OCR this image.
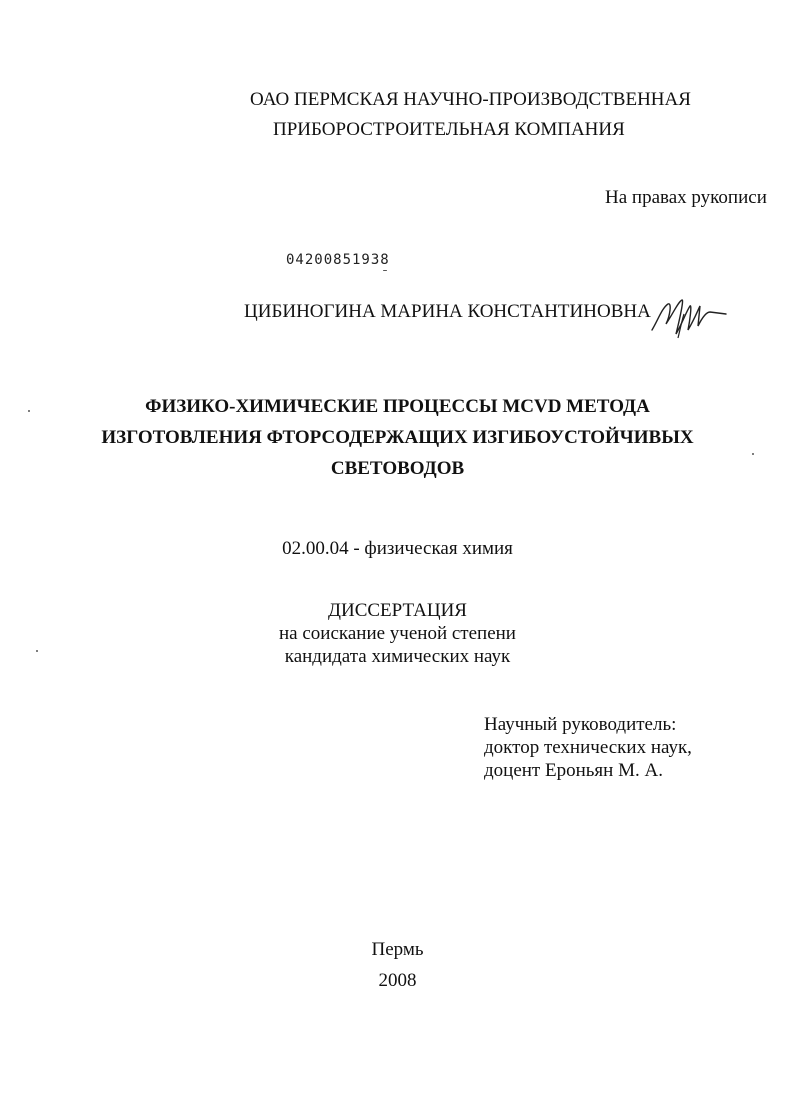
ОАО ПЕРМСКАЯ НАУЧНО-ПРОИЗВОДСТВЕННАЯ
ПРИБОРОСТРОИТЕЛЬНАЯ КОМПАНИЯ
На правах рукописи
04200851938
ЦИБИНОГИНА МАРИНА КОНСТАНТИНОВНА
ФИЗИКО-ХИМИЧЕСКИЕ ПРОЦЕССЫ MCVD МЕТОДА
ИЗГОТОВЛЕНИЯ ФТОРСОДЕРЖАЩИХ ИЗГИБОУСТОЙЧИВЫХ
СВЕТОВОДОВ
02.00.04 - физическая химия
ДИССЕРТАЦИЯ
на соискание ученой степени
кандидата химических наук
Научный руководитель:
доктор технических наук,
доцент Ероньян М. А.
Пермь
2008
